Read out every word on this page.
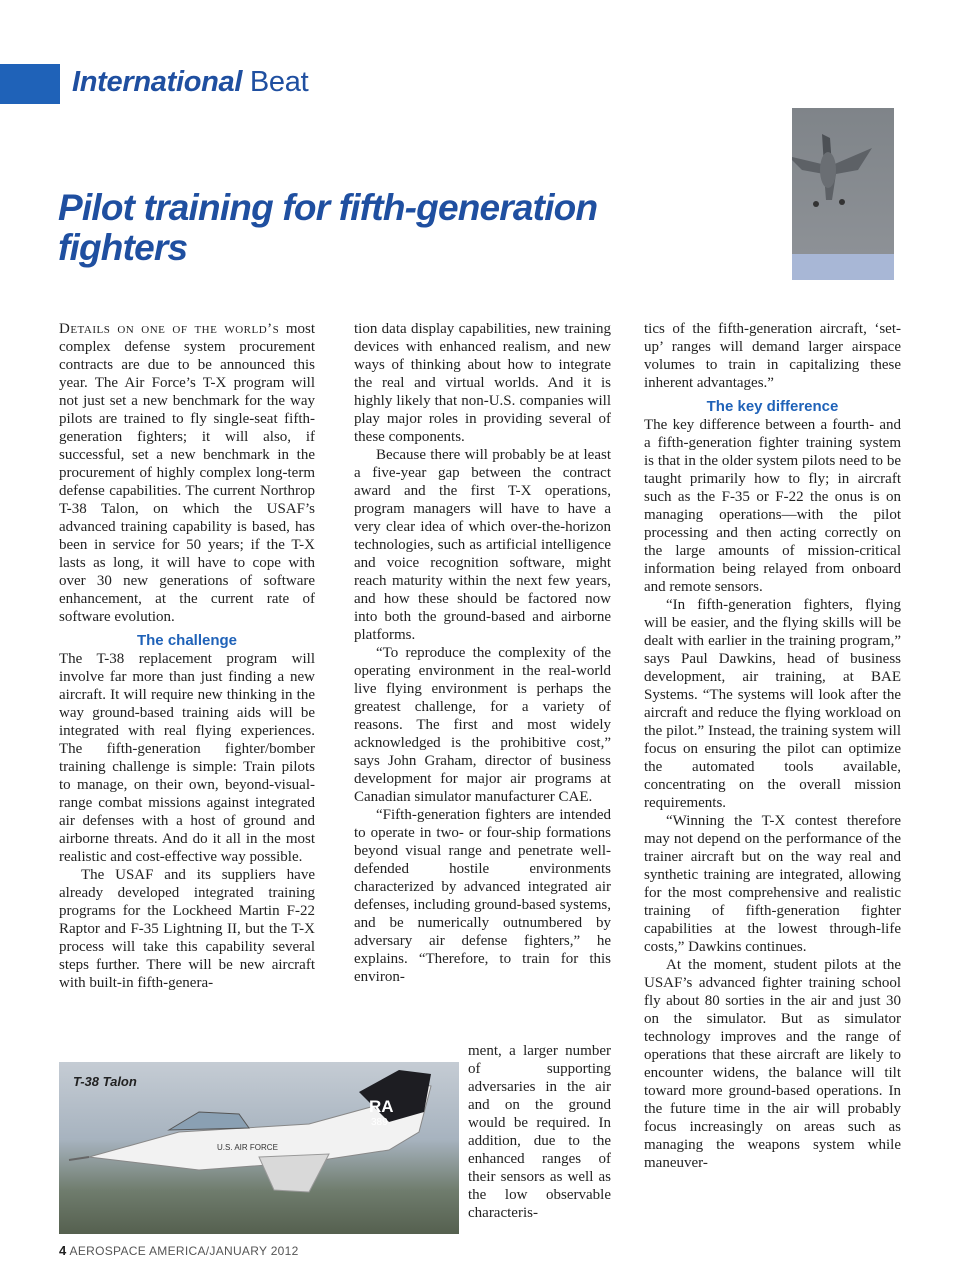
International Beat
Pilot training for fifth-generation fighters

Details on one of the world’s most complex defense system procurement contracts are due to be announced this year. The Air Force’s T-X program will not just set a new benchmark for the way pilots are trained to fly single-seat fifth-generation fighters; it will also, if successful, set a new benchmark in the procurement of highly complex long-term defense capabilities. The current Northrop T-38 Talon, on which the USAF’s advanced training capability is based, has been in service for 50 years; if the T-X lasts as long, it will have to cope with over 30 new generations of software enhancement, at the current rate of software evolution.

The challenge

The T-38 replacement program will involve far more than just finding a new aircraft. It will require new thinking in the way ground-based training aids will be integrated with real flying experiences. The fifth-generation fighter/bomber training challenge is simple: Train pilots to manage, on their own, beyond-visual-range combat missions against integrated air defenses with a host of ground and airborne threats. And do it all in the most realistic and cost-effective way possible.

The USAF and its suppliers have already developed integrated training programs for the Lockheed Martin F-22 Raptor and F-35 Lightning II, but the T-X process will take this capability several steps further. There will be new aircraft with built-in fifth-genera-

tion data display capabilities, new training devices with enhanced realism, and new ways of thinking about how to integrate the real and virtual worlds. And it is highly likely that non-U.S. companies will play major roles in providing several of these components.

Because there will probably be at least a five-year gap between the contract award and the first T-X operations, program managers will have to have a very clear idea of which over-the-horizon technologies, such as artificial intelligence and voice recognition software, might reach maturity within the next few years, and how these should be factored now into both the ground-based and airborne platforms.

“To reproduce the complexity of the operating environment in the real-world live flying environment is perhaps the greatest challenge, for a variety of reasons. The first and most widely acknowledged is the prohibitive cost,” says John Graham, director of business development for major air programs at Canadian simulator manufacturer CAE.

“Fifth-generation fighters are intended to operate in two- or four-ship formations beyond visual range and penetrate well-defended hostile environments characterized by advanced integrated air defenses, including ground-based systems, and be numerically outnumbered by adversary air defense fighters,” he explains. “Therefore, to train for this environ-

ment, a larger number of supporting adversaries in the air and on the ground would be required. In addition, due to the enhanced ranges of their sensors as well as the low observable characteris-

tics of the fifth-generation aircraft, ‘set-up’ ranges will demand larger airspace volumes to train in capitalizing these inherent advantages.”

The key difference

The key difference between a fourth- and a fifth-generation fighter training system is that in the older system pilots need to be taught primarily how to fly; in aircraft such as the F-35 or F-22 the onus is on managing operations—with the pilot processing and then acting correctly on the large amounts of mission-critical information being relayed from onboard and remote sensors.

“In fifth-generation fighters, flying will be easier, and the flying skills will be dealt with earlier in the training program,” says Paul Dawkins, head of business development, air training, at BAE Systems. “The systems will look after the aircraft and reduce the flying workload on the pilot.” Instead, the training system will focus on ensuring the pilot can optimize the automated tools available, concentrating on the overall mission requirements.

“Winning the T-X contest therefore may not depend on the performance of the trainer aircraft but on the way real and synthetic training are integrated, allowing for the most comprehensive and realistic training of fifth-generation fighter capabilities at the lowest through-life costs,” Dawkins continues.

At the moment, student pilots at the USAF’s advanced fighter training school fly about 80 sorties in the air and just 30 on the simulator. But as simulator technology improves and the range of operations that these aircraft are likely to encounter widens, the balance will tilt toward more ground-based operations. In the future time in the air will probably focus increasingly on areas such as managing the weapons system while maneuver-

RA
389
U.S. AIR FORCE
T-38 Talon
4 AEROSPACE AMERICA/JANUARY 2012
